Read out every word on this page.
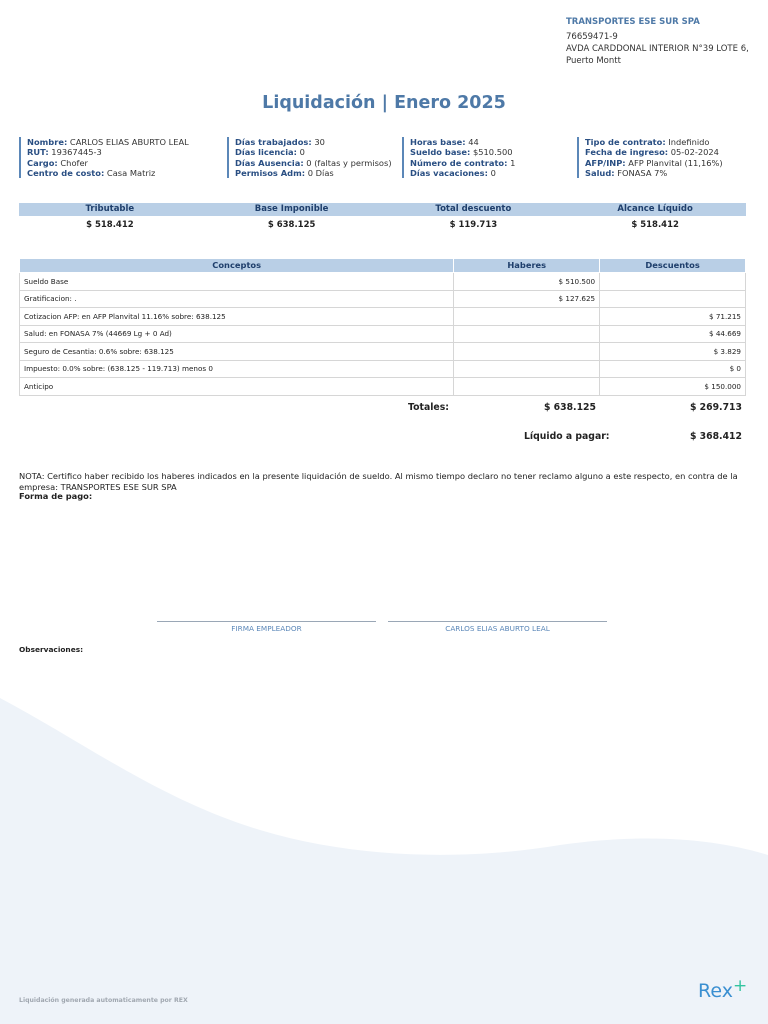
TRANSPORTES ESE SUR SPA
76659471-9
AVDA CARDDONAL INTERIOR N°39 LOTE 6, Puerto Montt
Liquidación | Enero 2025
Nombre: CARLOS ELIAS ABURTO LEAL
RUT: 19367445-3
Cargo: Chofer
Centro de costo: Casa Matriz
Días trabajados: 30
Días licencia: 0
Días Ausencia: 0 (faltas y permisos)
Permisos Adm: 0 Días
Horas base: 44
Sueldo base: $510.500
Número de contrato: 1
Días vacaciones: 0
Tipo de contrato: Indefinido
Fecha de ingreso: 05-02-2024
AFP/INP: AFP Planvital (11,16%)
Salud: FONASA 7%
Tributable	Base Imponible	Total descuento	Alcance Líquido
$ 518.412	$ 638.125	$ 119.713	$ 518.412
Conceptos	Haberes	Descuentos
Sueldo Base	$ 510.500	
Gratificacion: .	$ 127.625	
Cotizacion AFP: en AFP Planvital 11.16% sobre: 638.125		$ 71.215
Salud: en FONASA 7% (44669 Lg + 0 Ad)		$ 44.669
Seguro de Cesantia: 0.6% sobre: 638.125		$ 3.829
Impuesto: 0.0% sobre: (638.125 - 119.713) menos 0		$ 0
Anticipo		$ 150.000
Totales:	$ 638.125	$ 269.713
Líquido a pagar:	$ 368.412
NOTA: Certifico haber recibido los haberes indicados en la presente liquidación de sueldo. Al mismo tiempo declaro no tener reclamo alguno a este respecto, en contra de la empresa: TRANSPORTES ESE SUR SPA
Forma de pago:
FIRMA EMPLEADOR	CARLOS ELIAS ABURTO LEAL
Observaciones:
Liquidación generada automaticamente por REX	Rex+
